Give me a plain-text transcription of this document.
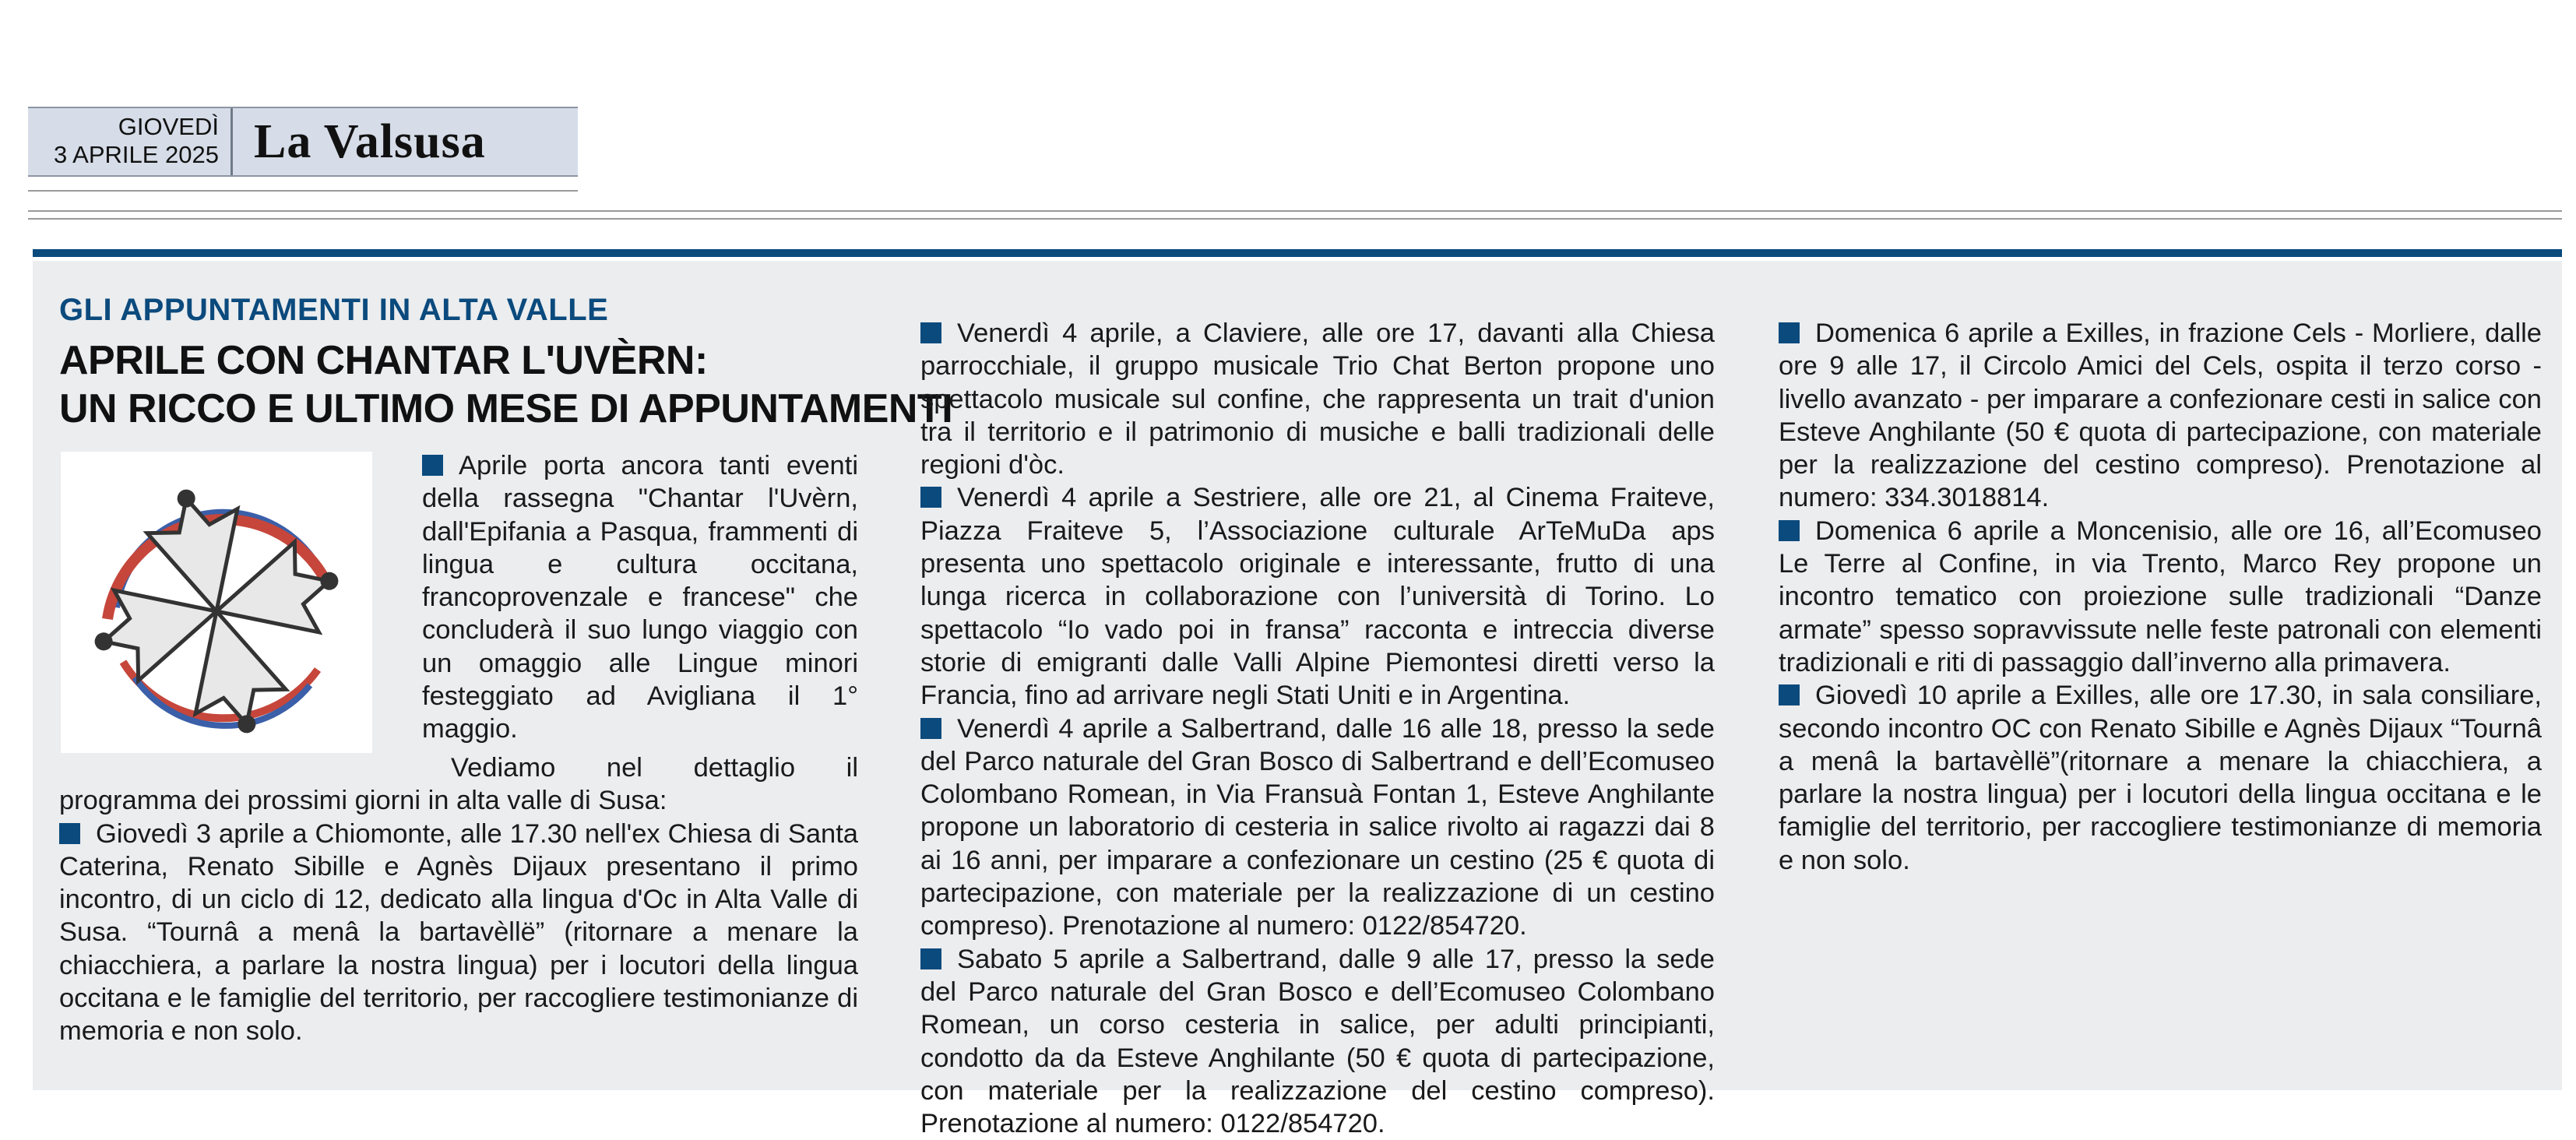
GIOVEDÌ
3 APRILE 2025 La Valsusa
GLI APPUNTAMENTI IN ALTA VALLE
APRILE CON CHANTAR L'UVÈRN:
UN RICCO E ULTIMO MESE DI APPUNTAMENTI

Aprile porta ancora tanti eventi della rassegna "Chantar l'Uvèrn, dall'Epifania a Pasqua, frammenti di lingua e cultura occitana, francoprovenzale e francese" che concluderà il suo lungo viaggio con un omaggio alle Lingue minori festeggiato ad Avigliana il 1° maggio.

Vediamo nel dettaglio il programma dei prossimi giorni in alta valle di Susa:

Giovedì 3 aprile a Chiomonte, alle 17.30 nell'ex Chiesa di Santa Caterina, Renato Sibille e Agnès Dijaux presentano il primo incontro, di un ciclo di 12, dedicato alla lingua d'Oc in Alta Valle di Susa. “Tournâ a menâ la bartavèllë” (ritornare a menare la chiacchiera, a parlare la nostra lingua) per i locutori della lingua occitana e le famiglie del territorio, per raccogliere testimonianze di memoria e non solo.

Venerdì 4 aprile, a Claviere, alle ore 17, davanti alla Chiesa parrocchiale, il gruppo musicale Trio Chat Berton propone uno spettacolo musicale sul confine, che rappresenta un trait d'union tra il territorio e il patrimonio di musiche e balli tradizionali delle regioni d'òc.

Venerdì 4 aprile a Sestriere, alle ore 21, al Cinema Fraiteve, Piazza Fraiteve 5, l’Associazione culturale ArTeMuDa aps presenta uno spettacolo originale e interessante, frutto di una lunga ricerca in collaborazione con l’università di Torino. Lo spettacolo “Io vado poi in fransa” racconta e intreccia diverse storie di emigranti dalle Valli Alpine Piemontesi diretti verso la Francia, fino ad arrivare negli Stati Uniti e in Argentina.

Venerdì 4 aprile a Salbertrand, dalle 16 alle 18, presso la sede del Parco naturale del Gran Bosco di Salbertrand e dell’Ecomuseo Colombano Romean, in Via Fransuà Fontan 1, Esteve Anghilante propone un laboratorio di cesteria in salice rivolto ai ragazzi dai 8 ai 16 anni, per imparare a confezionare un cestino (25 € quota di partecipazione, con materiale per la realizzazione di un cestino compreso). Prenotazione al numero: 0122/854720.

Sabato 5 aprile a Salbertrand, dalle 9 alle 17, presso la sede del Parco naturale del Gran Bosco e dell’Ecomuseo Colombano Romean, un corso cesteria in salice, per adulti principianti, condotto da da Esteve Anghilante (50 € quota di partecipazione, con materiale per la realizzazione del cestino compreso). Prenotazione al numero: 0122/854720.

Domenica 6 aprile a Exilles, in frazione Cels - Morliere, dalle ore 9 alle 17, il Circolo Amici del Cels, ospita il terzo corso - livello avanzato - per imparare a confezionare cesti in salice con Esteve Anghilante (50 € quota di partecipazione, con materiale per la realizzazione del cestino compreso). Prenotazione al numero: 334.3018814.

Domenica 6 aprile a Moncenisio, alle ore 16, all’Ecomuseo Le Terre al Confine, in via Trento, Marco Rey propone un incontro tematico con proiezione sulle tradizionali “Danze armate” spesso sopravvissute nelle feste patronali con elementi tradizionali e riti di passaggio dall’inverno alla primavera.

Giovedì 10 aprile a Exilles, alle ore 17.30, in sala consiliare, secondo incontro OC con Renato Sibille e Agnès Dijaux “Tournâ a menâ la bartavèllë”(ritornare a menare la chiacchiera, a parlare la nostra lingua) per i locutori della lingua occitana e le famiglie del territorio, per raccogliere testimonianze di memoria e non solo.
